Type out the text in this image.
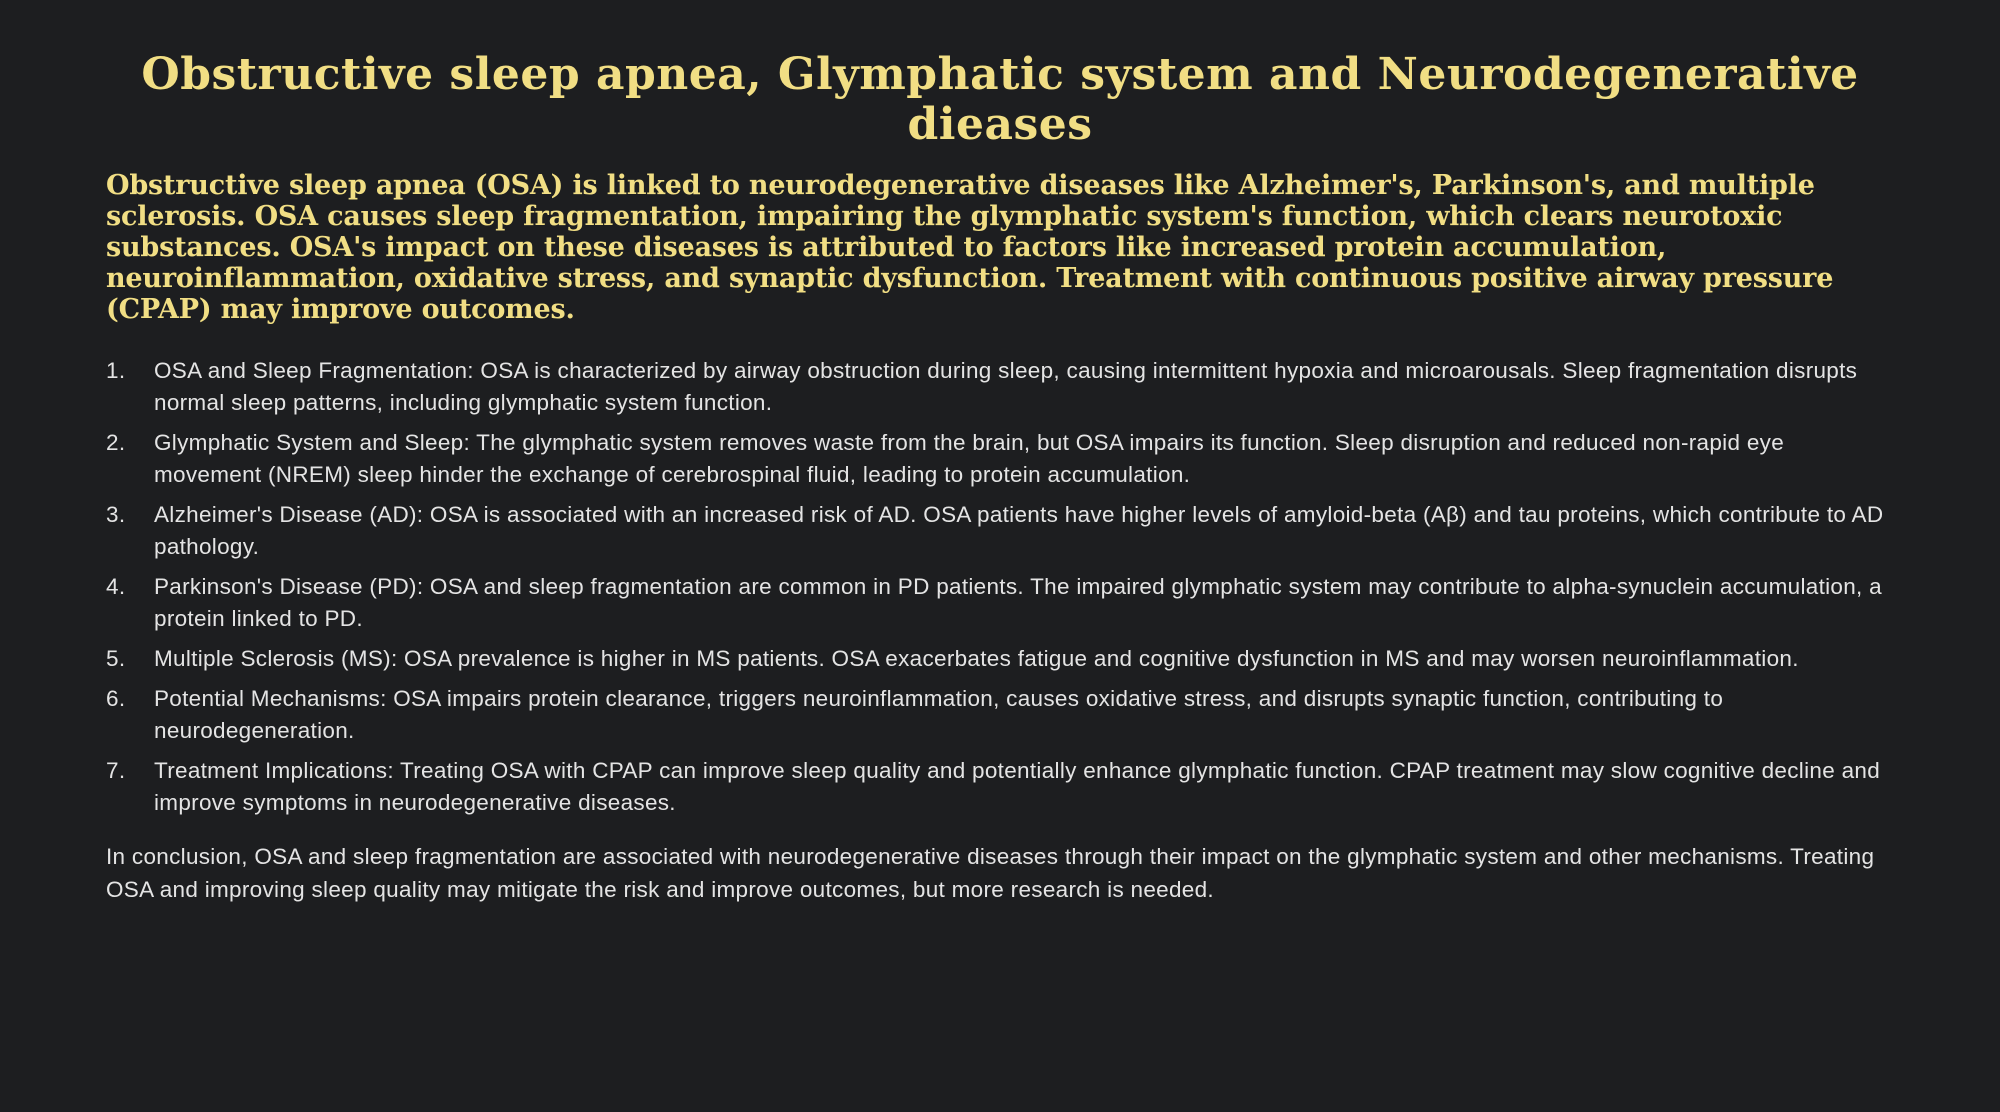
Obstructive sleep apnea, Glymphatic system and Neurodegenerative dieases

Obstructive sleep apnea (OSA) is linked to neurodegenerative diseases like Alzheimer's, Parkinson's, and multiple sclerosis. OSA causes sleep fragmentation, impairing the glymphatic system's function, which clears neurotoxic substances. OSA's impact on these diseases is attributed to factors like increased protein accumulation, neuroinflammation, oxidative stress, and synaptic dysfunction. Treatment with continuous positive airway pressure (CPAP) may improve outcomes.

1. OSA and Sleep Fragmentation: OSA is characterized by airway obstruction during sleep, causing intermittent hypoxia and microarousals. Sleep fragmentation disrupts normal sleep patterns, including glymphatic system function.
2. Glymphatic System and Sleep: The glymphatic system removes waste from the brain, but OSA impairs its function. Sleep disruption and reduced non-rapid eye movement (NREM) sleep hinder the exchange of cerebrospinal fluid, leading to protein accumulation.
3. Alzheimer's Disease (AD): OSA is associated with an increased risk of AD. OSA patients have higher levels of amyloid-beta (Aβ) and tau proteins, which contribute to AD pathology.
4. Parkinson's Disease (PD): OSA and sleep fragmentation are common in PD patients. The impaired glymphatic system may contribute to alpha-synuclein accumulation, a protein linked to PD.
5. Multiple Sclerosis (MS): OSA prevalence is higher in MS patients. OSA exacerbates fatigue and cognitive dysfunction in MS and may worsen neuroinflammation.
6. Potential Mechanisms: OSA impairs protein clearance, triggers neuroinflammation, causes oxidative stress, and disrupts synaptic function, contributing to neurodegeneration.
7. Treatment Implications: Treating OSA with CPAP can improve sleep quality and potentially enhance glymphatic function. CPAP treatment may slow cognitive decline and improve symptoms in neurodegenerative diseases.

In conclusion, OSA and sleep fragmentation are associated with neurodegenerative diseases through their impact on the glymphatic system and other mechanisms. Treating OSA and improving sleep quality may mitigate the risk and improve outcomes, but more research is needed.
